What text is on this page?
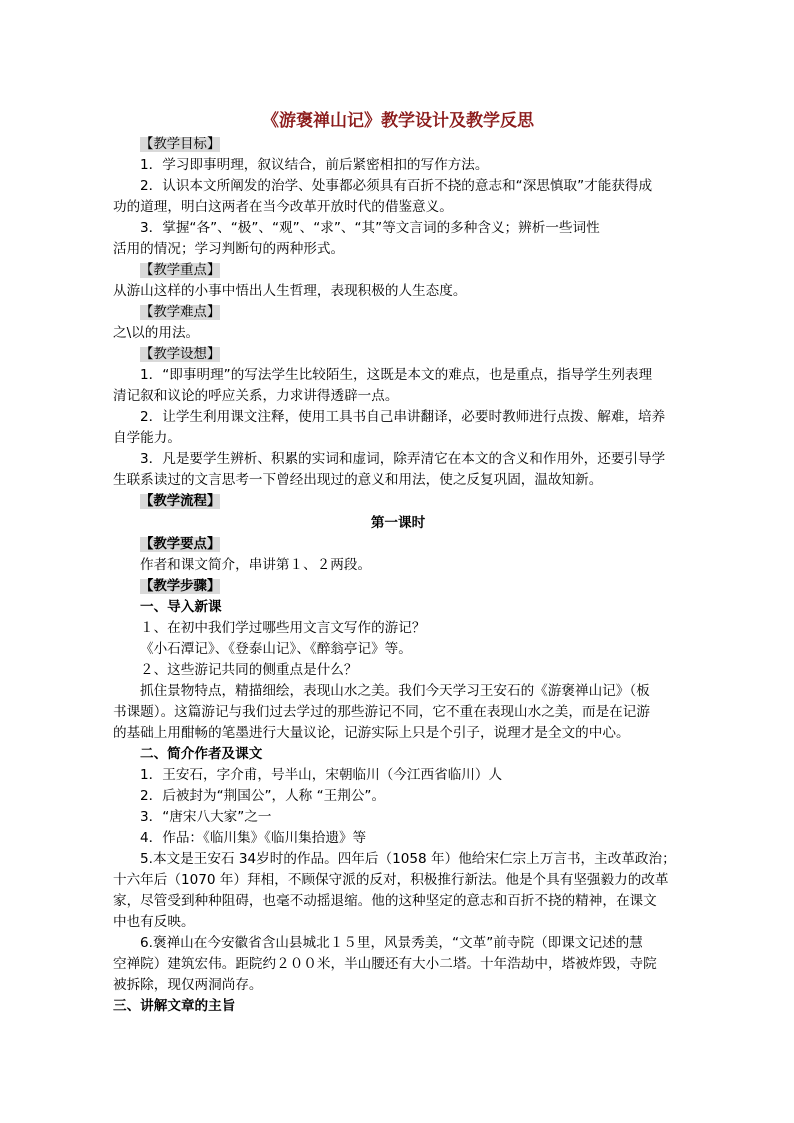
《游褒禅山记》教学设计及教学反思
【教学目标】
1．学习即事明理，叙议结合，前后紧密相扣的写作方法。
2．认识本文所阐发的治学、处事都必须具有百折不挠的意志和“深思慎取”才能获得成
功的道理，明白这两者在当今改革开放时代的借鉴意义。
3．掌握“各”、“极”、“观”、“求”、“其”等文言词的多种含义；辨析一些词性
活用的情况；学习判断句的两种形式。
【教学重点】
从游山这样的小事中悟出人生哲理，表现积极的人生态度。
【教学难点】
之\以的用法。
【教学设想】
1．“即事明理”的写法学生比较陌生，这既是本文的难点，也是重点，指导学生列表理
清记叙和议论的呼应关系，力求讲得透辟一点。
2．让学生利用课文注释，使用工具书自己串讲翻译，必要时教师进行点拨、解难，培养
自学能力。
3．凡是要学生辨析、积累的实词和虚词，除弄清它在本文的含义和作用外，还要引导学
生联系读过的文言思考一下曾经出现过的意义和用法，使之反复巩固，温故知新。
【教学流程】
第一课时
【教学要点】
作者和课文简介，串讲第１、２两段。
【教学步骤】
一、导入新课
１、在初中我们学过哪些用文言文写作的游记？
《小石潭记》、《登泰山记》、《醉翁亭记》等。
２、这些游记共同的侧重点是什么？
抓住景物特点，精描细绘，表现山水之美。我们今天学习王安石的《游褒禅山记》（板
书课题）。这篇游记与我们过去学过的那些游记不同，它不重在表现山水之美，而是在记游
的基础上用酣畅的笔墨进行大量议论，记游实际上只是个引子，说理才是全文的中心。
二、简介作者及课文
1．王安石，字介甫，号半山，宋朝临川（今江西省临川）人
2．后被封为“荆国公”，人称 “王荆公”。
3．“唐宋八大家”之一
4．作品：《临川集》《临川集拾遗》等
5.本文是王安石 34岁时的作品。四年后（1058 年）他给宋仁宗上万言书，主改革政治；
十六年后（1070 年）拜相，不顾保守派的反对，积极推行新法。他是个具有坚强毅力的改革
家，尽管受到种种阻碍，也毫不动摇退缩。他的这种坚定的意志和百折不挠的精神，在课文
中也有反映。
6.褒禅山在今安徽省含山县城北１５里，风景秀美，“文革”前寺院（即课文记述的慧
空禅院）建筑宏伟。距院约２００米，半山腰还有大小二塔。十年浩劫中，塔被炸毁，寺院
被拆除，现仅两洞尚存。
三、讲解文章的主旨
